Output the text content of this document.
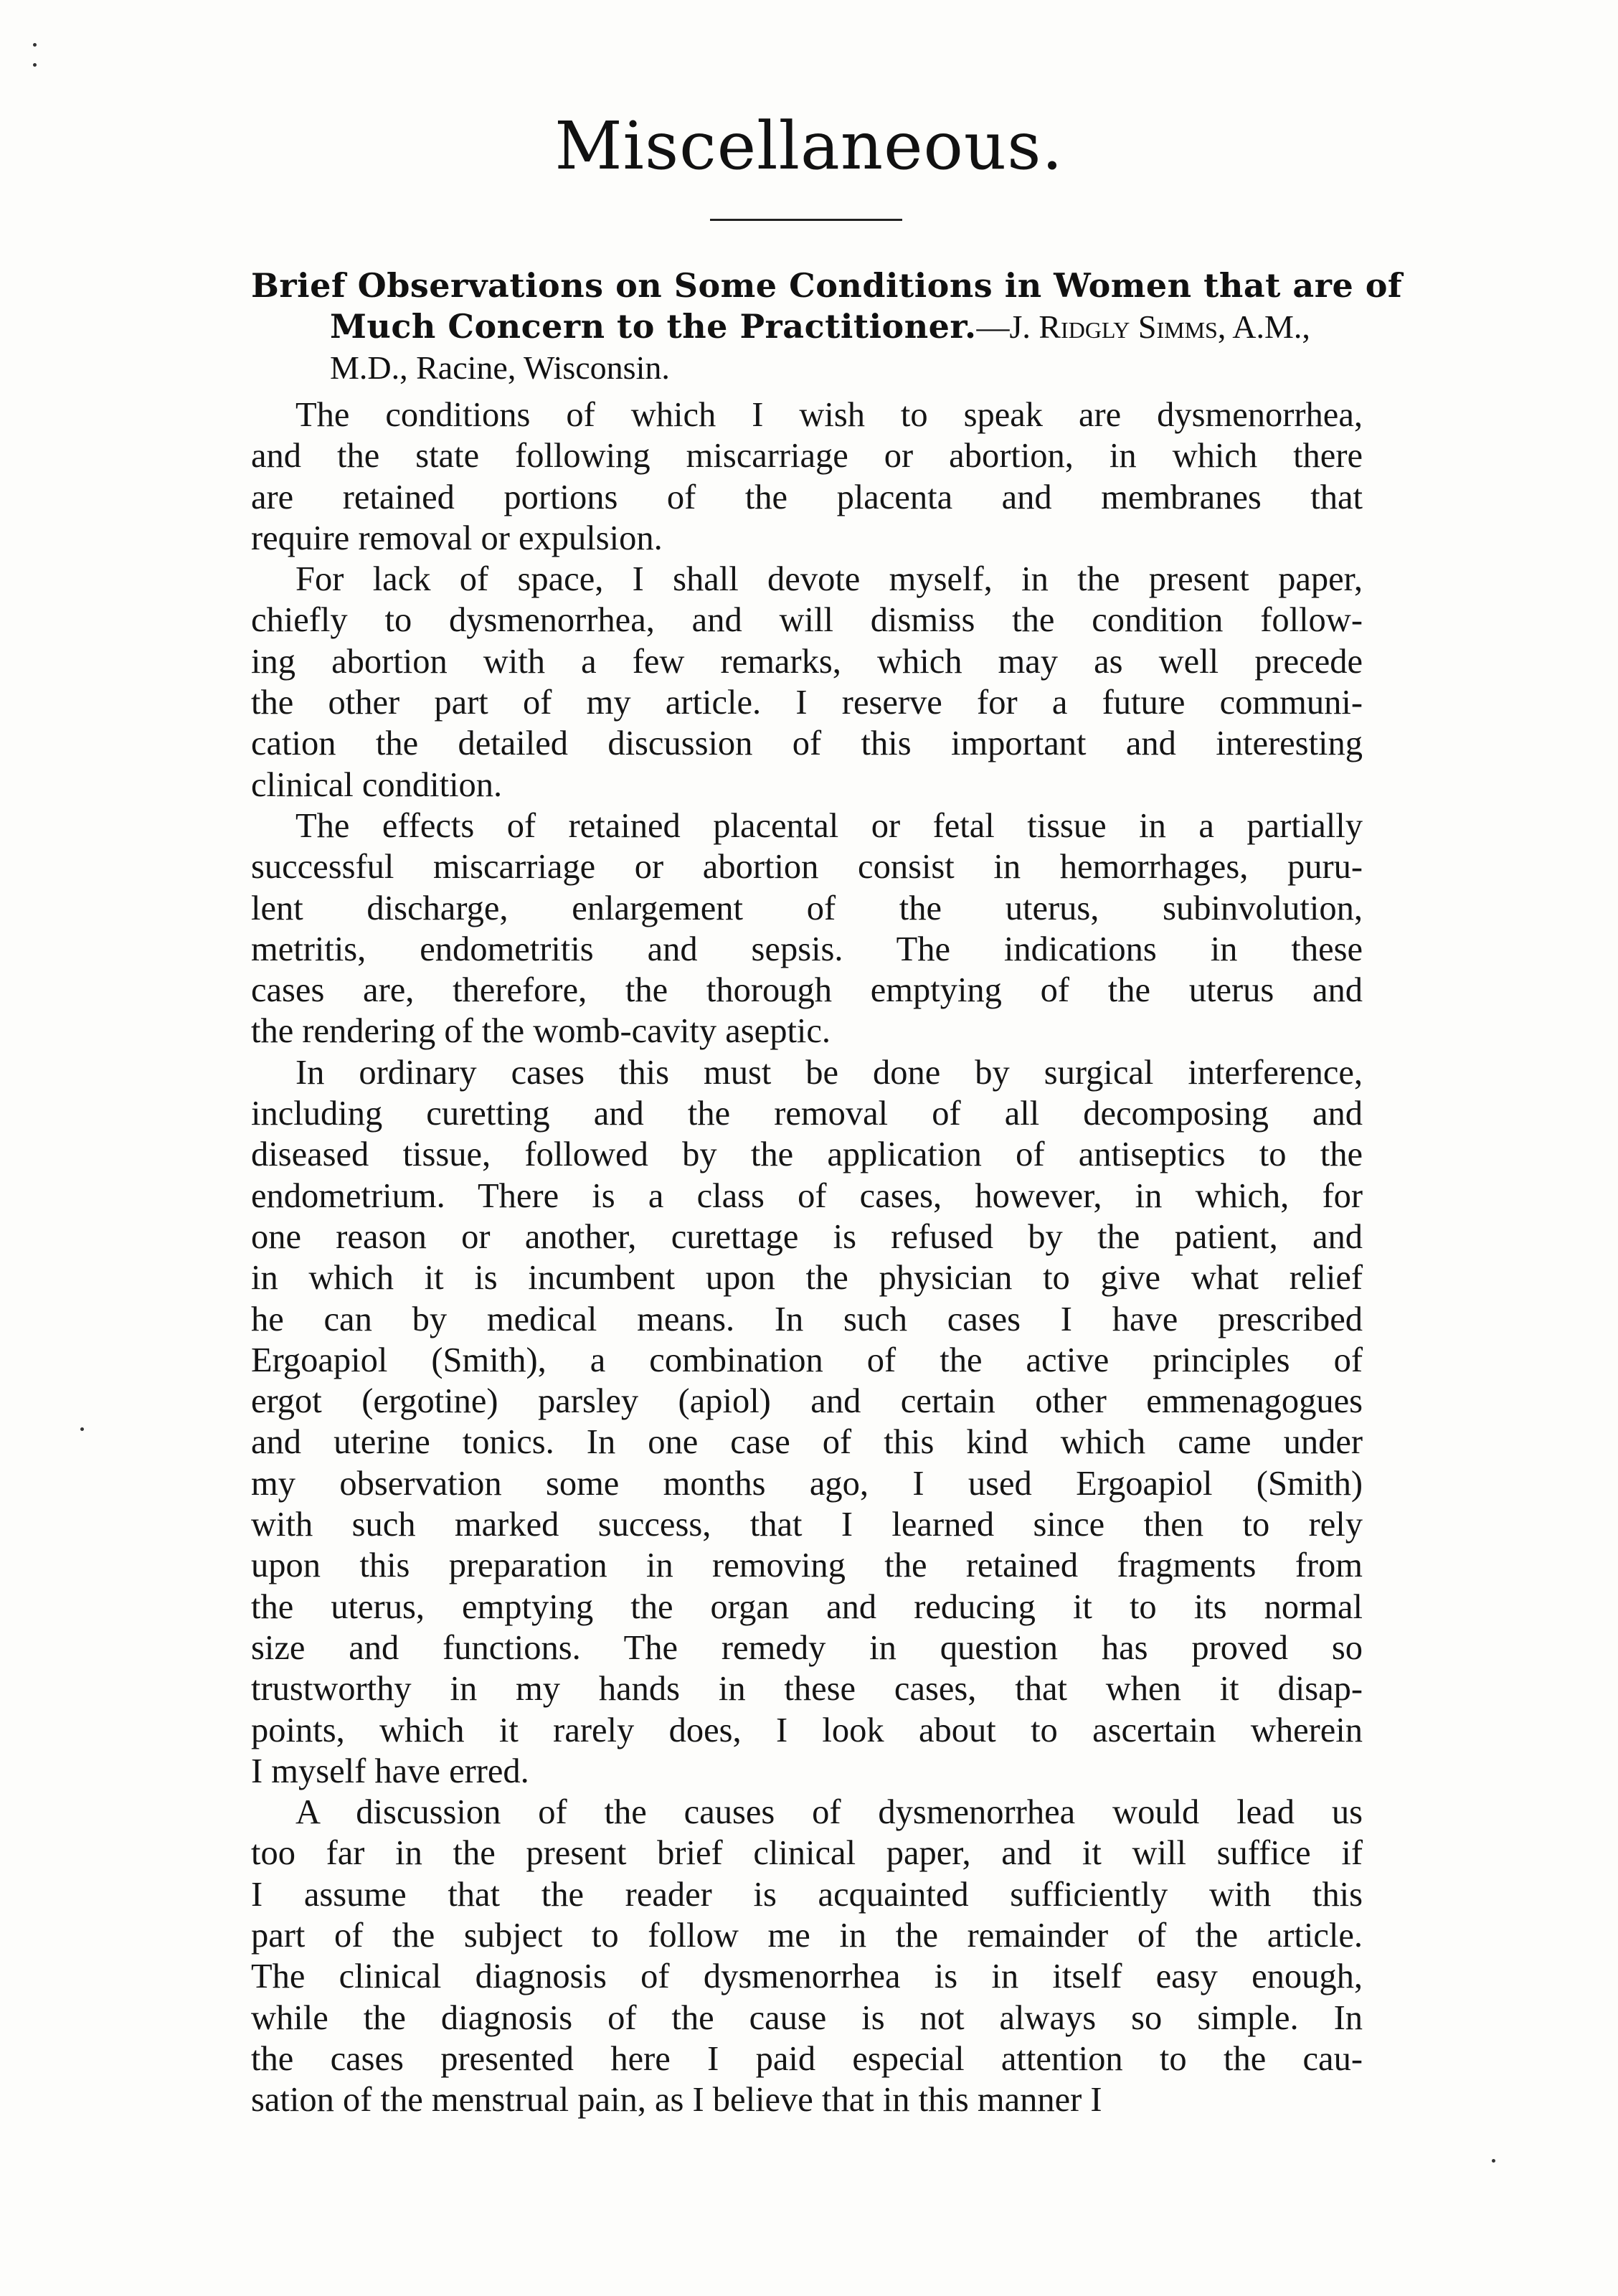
Miscellaneous.
Brief Observations on Some Conditions in Women that are of
Much Concern to the Practitioner.—J. Ridgly Simms, A.M.,
M.D., Racine, Wisconsin.
The conditions of which I wish to speak are dysmenorrhea,
and the state following miscarriage or abortion, in which there
are retained portions of the placenta and membranes that
require removal or expulsion.
For lack of space, I shall devote myself, in the present paper,
chiefly to dysmenorrhea, and will dismiss the condition follow-
ing abortion with a few remarks, which may as well precede
the other part of my article. I reserve for a future communi-
cation the detailed discussion of this important and interesting
clinical condition.
The effects of retained placental or fetal tissue in a partially
successful miscarriage or abortion consist in hemorrhages, puru-
lent discharge, enlargement of the uterus, subinvolution,
metritis, endometritis and sepsis. The indications in these
cases are, therefore, the thorough emptying of the uterus and
the rendering of the womb-cavity aseptic.
In ordinary cases this must be done by surgical interference,
including curetting and the removal of all decomposing and
diseased tissue, followed by the application of antiseptics to the
endometrium. There is a class of cases, however, in which, for
one reason or another, curettage is refused by the patient, and
in which it is incumbent upon the physician to give what relief
he can by medical means. In such cases I have prescribed
Ergoapiol (Smith), a combination of the active principles of
ergot (ergotine) parsley (apiol) and certain other emmenagogues
and uterine tonics. In one case of this kind which came under
my observation some months ago, I used Ergoapiol (Smith)
with such marked success, that I learned since then to rely
upon this preparation in removing the retained fragments from
the uterus, emptying the organ and reducing it to its normal
size and functions. The remedy in question has proved so
trustworthy in my hands in these cases, that when it disap-
points, which it rarely does, I look about to ascertain wherein
I myself have erred.
A discussion of the causes of dysmenorrhea would lead us
too far in the present brief clinical paper, and it will suffice if
I assume that the reader is acquainted sufficiently with this
part of the subject to follow me in the remainder of the article.
The clinical diagnosis of dysmenorrhea is in itself easy enough,
while the diagnosis of the cause is not always so simple. In
the cases presented here I paid especial attention to the cau-
sation of the menstrual pain, as I believe that in this manner I
